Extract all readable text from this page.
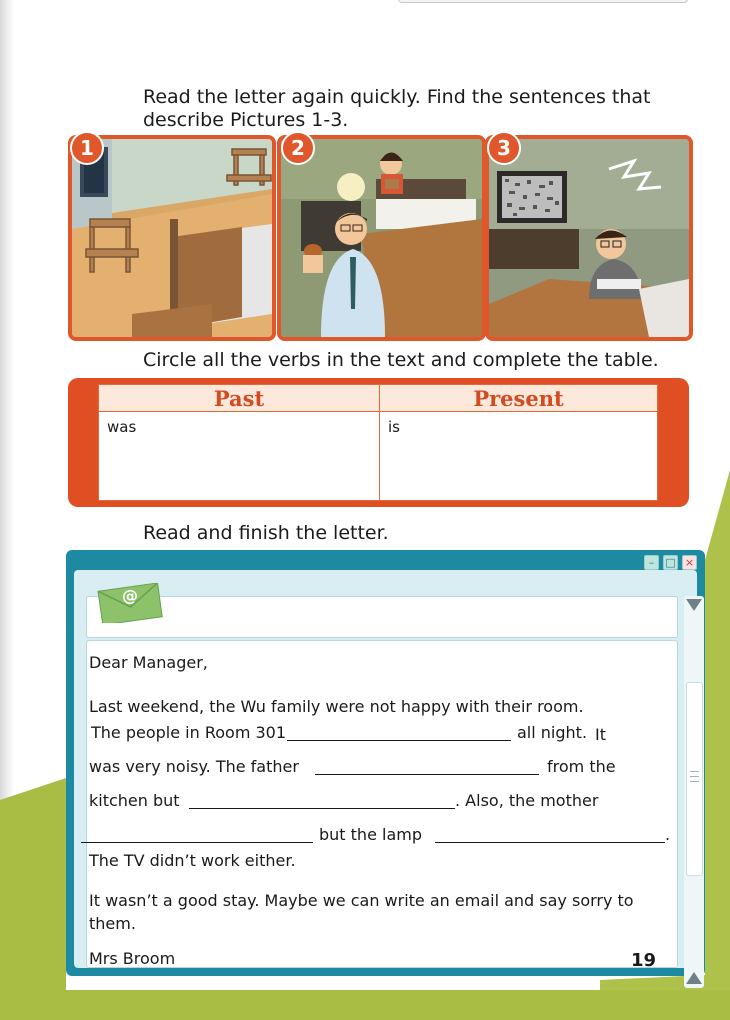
Read the letter again quickly. Find the sentences that
describe Pictures 1-3.
1	2	3
Circle all the verbs in the text and complete the table.
Past	Present
was	is
Read and finish the letter.
–	□ ×
@
Dear Manager,
Last weekend, the Wu family were not happy with their room.
The people in Room 301	all night. It
was very noisy. The father	from the
kitchen but	. Also, the mother
but the lamp	.
The TV didn’t work either.
It wasn’t a good stay. Maybe we can write an email and say sorry to
them.
Mrs Broom	19
